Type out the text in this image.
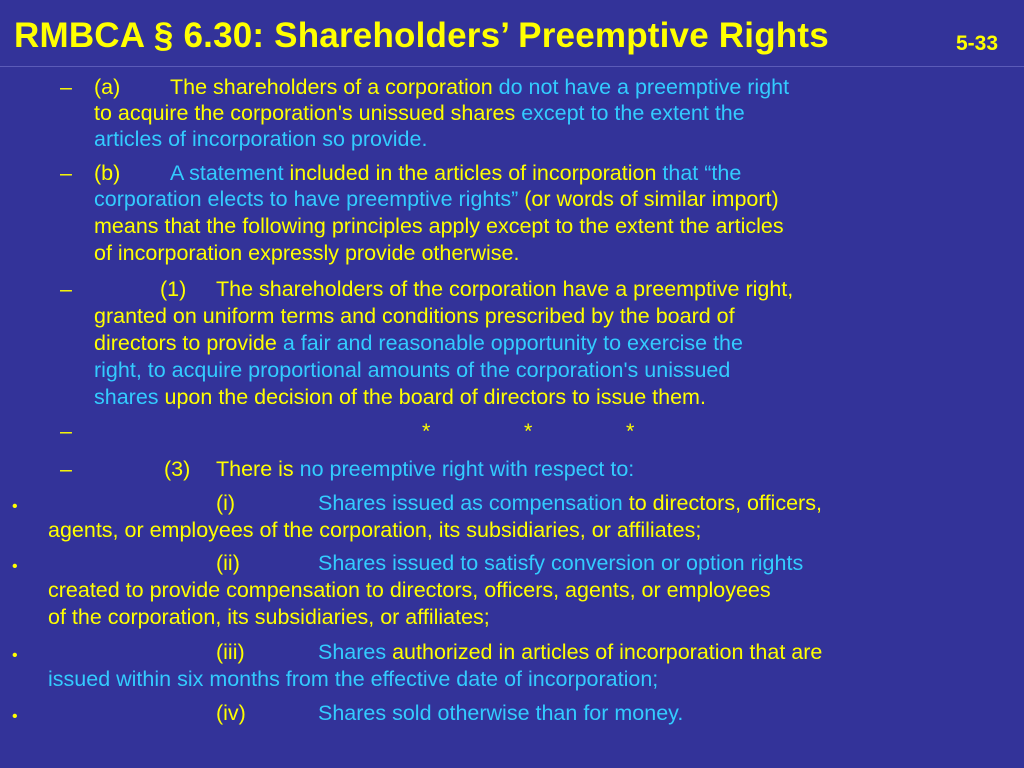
RMBCA § 6.30: Shareholders’ Preemptive Rights	5-33
– (a) The shareholders of a corporation do not have a preemptive right
to acquire the corporation's unissued shares except to the extent the
articles of incorporation so provide.
– (b) A statement included in the articles of incorporation that “the
corporation elects to have preemptive rights” (or words of similar import)
means that the following principles apply except to the extent the articles
of incorporation expressly provide otherwise.
–	(1) The shareholders of the corporation have a preemptive right,
granted on uniform terms and conditions prescribed by the board of
directors to provide a fair and reasonable opportunity to exercise the
right, to acquire proportional amounts of the corporation's unissued
shares upon the decision of the board of directors to issue them.
–	*	*	*
–	(3) There is no preemptive right with respect to:
•	(i)	Shares issued as compensation to directors, officers,
agents, or employees of the corporation, its subsidiaries, or affiliates;
•	(ii)	Shares issued to satisfy conversion or option rights
created to provide compensation to directors, officers, agents, or employees
of the corporation, its subsidiaries, or affiliates;
•	(iii)	Shares authorized in articles of incorporation that are
issued within six months from the effective date of incorporation;
•	(iv)	Shares sold otherwise than for money.
